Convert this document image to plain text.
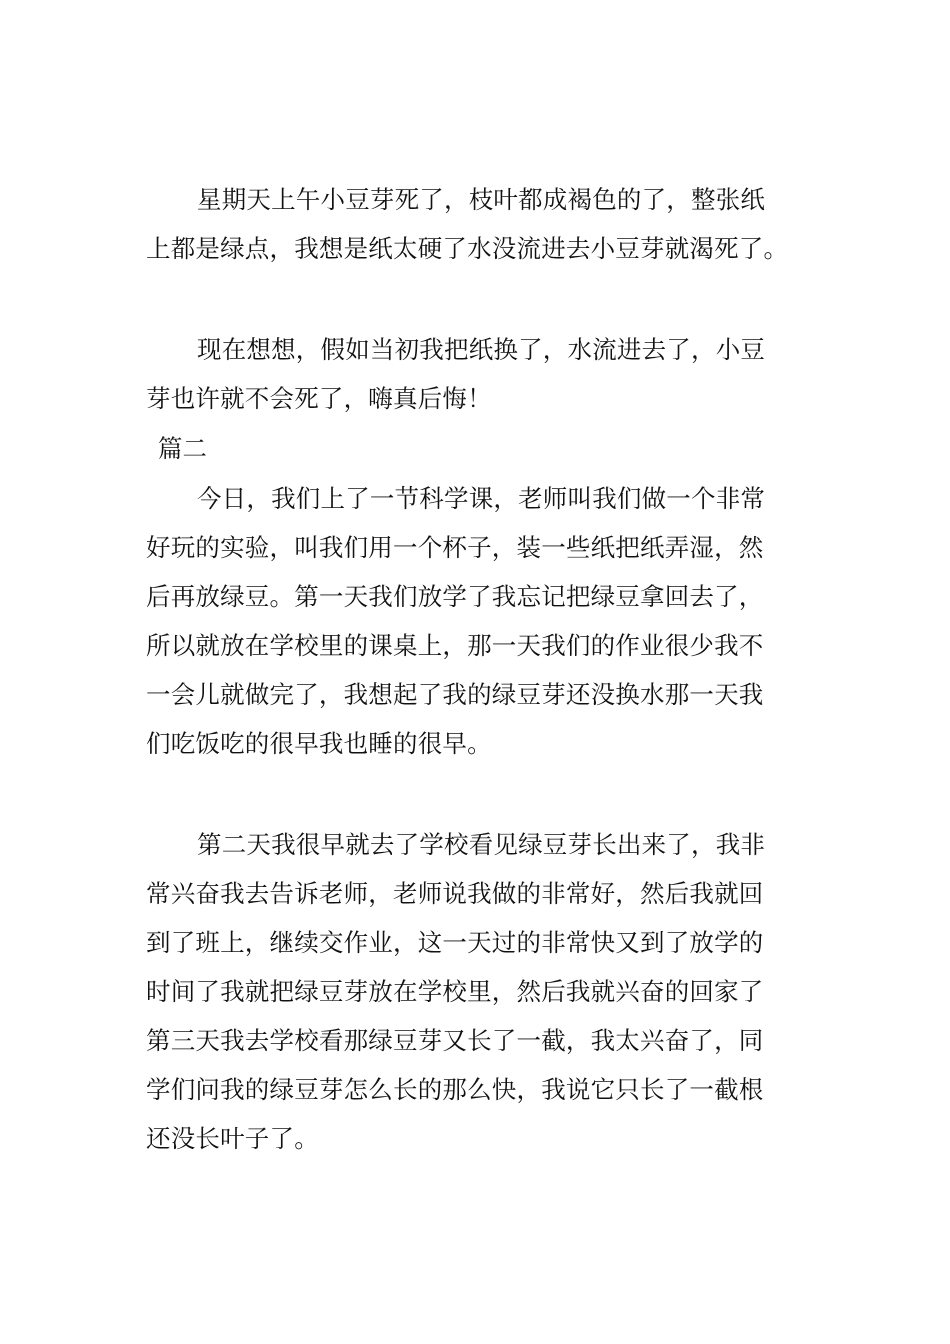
星期天上午小豆芽死了，枝叶都成褐色的了，整张纸
上都是绿点，我想是纸太硬了水没流进去小豆芽就渴死了。

现在想想，假如当初我把纸换了，水流进去了，小豆
芽也许就不会死了，嗨真后悔！

篇二

今日，我们上了一节科学课，老师叫我们做一个非常
好玩的实验，叫我们用一个杯子，装一些纸把纸弄湿，然
后再放绿豆。第一天我们放学了我忘记把绿豆拿回去了，
所以就放在学校里的课桌上，那一天我们的作业很少我不
一会儿就做完了，我想起了我的绿豆芽还没换水那一天我
们吃饭吃的很早我也睡的很早。

第二天我很早就去了学校看见绿豆芽长出来了，我非
常兴奋我去告诉老师，老师说我做的非常好，然后我就回
到了班上，继续交作业，这一天过的非常快又到了放学的
时间了我就把绿豆芽放在学校里，然后我就兴奋的回家了
第三天我去学校看那绿豆芽又长了一截，我太兴奋了，同
学们问我的绿豆芽怎么长的那么快，我说它只长了一截根
还没长叶子了。
